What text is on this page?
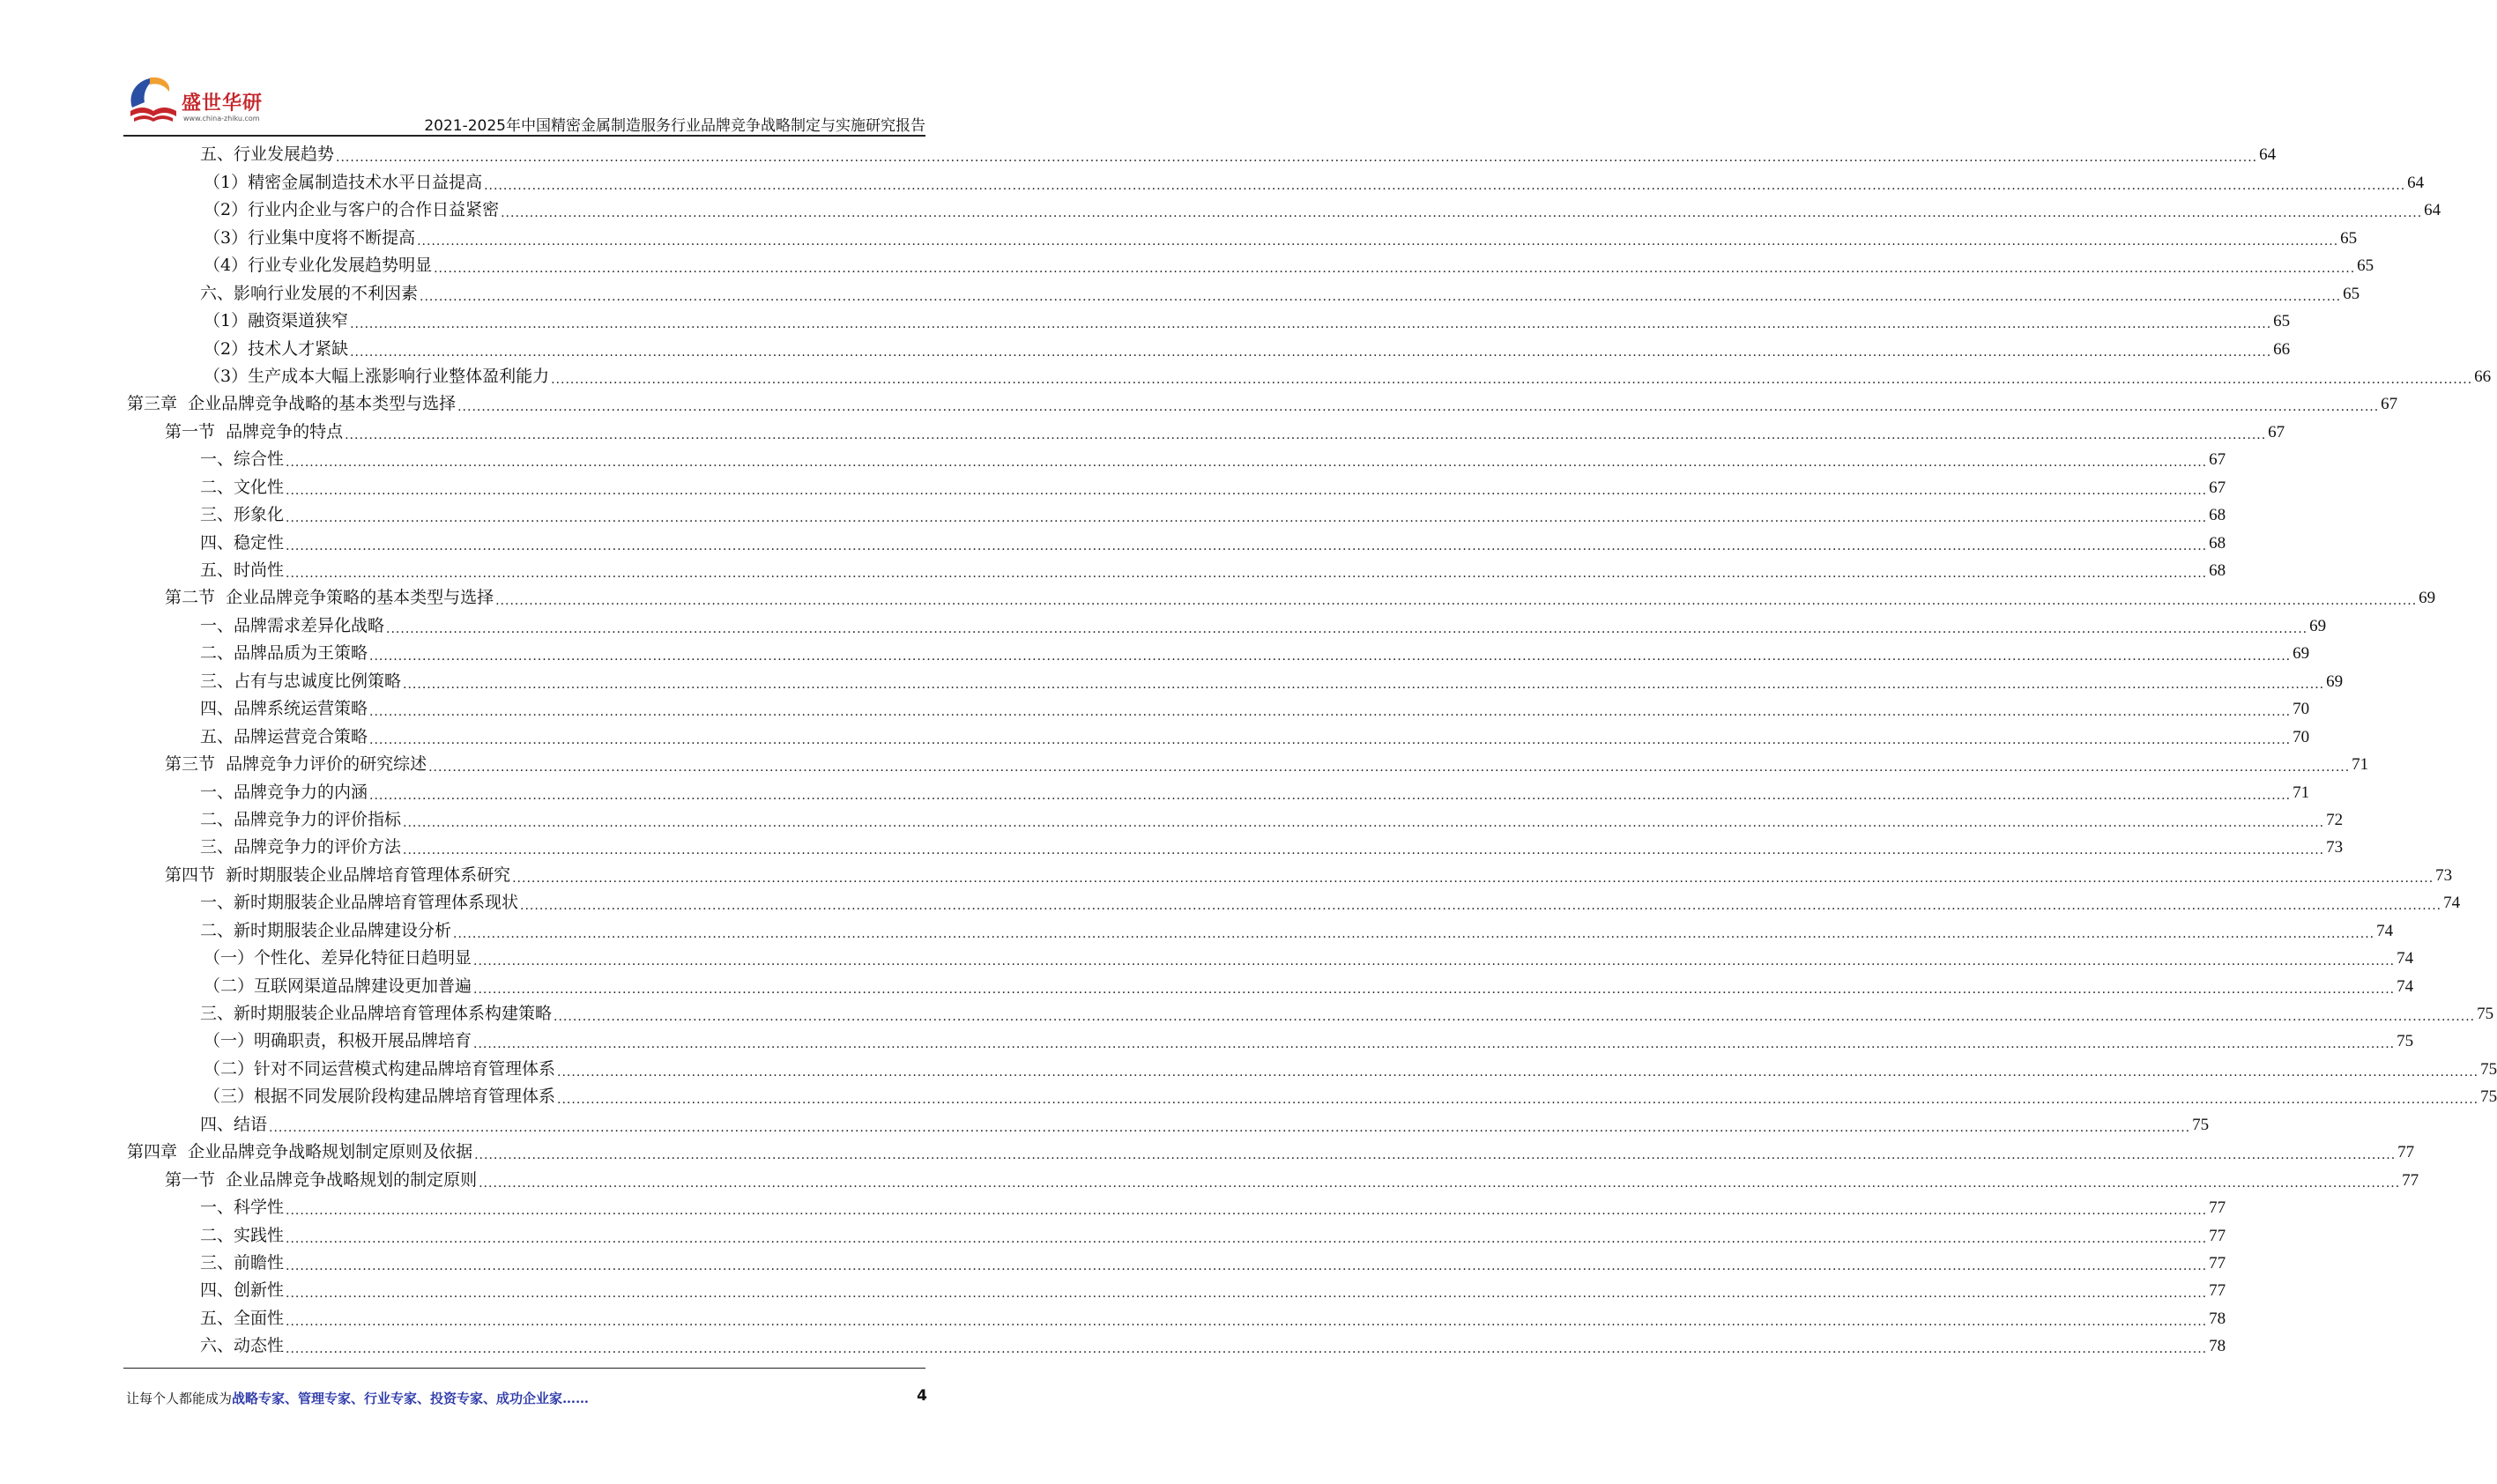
盛世华研
www.china-zhiku.com	2021-2025年中国精密金属制造服务行业品牌竞争战略制定与实施研究报告
五、行业发展趋势 ................................................................................................................................................................................................................................................................................................................................................................................................................ 64
（1）精密金属制造技术水平日益提高 ................................................................................................................................................................................................................................................................................................................................................................................................................ 64
（2）行业内企业与客户的合作日益紧密 ................................................................................................................................................................................................................................................................................................................................................................................................................ 64
（3）行业集中度将不断提高 ................................................................................................................................................................................................................................................................................................................................................................................................................ 65
（4）行业专业化发展趋势明显 ................................................................................................................................................................................................................................................................................................................................................................................................................ 65
六、影响行业发展的不利因素 ................................................................................................................................................................................................................................................................................................................................................................................................................ 65
（1）融资渠道狭窄 ................................................................................................................................................................................................................................................................................................................................................................................................................ 65
（2）技术人才紧缺 ................................................................................................................................................................................................................................................................................................................................................................................................................ 66
（3）生产成本大幅上涨影响行业整体盈利能力 ................................................................................................................................................................................................................................................................................................................................................................................................................ 66
第三章  企业品牌竞争战略的基本类型与选择 ................................................................................................................................................................................................................................................................................................................................................................................................................ 67
第一节  品牌竞争的特点 ................................................................................................................................................................................................................................................................................................................................................................................................................ 67
一、综合性 ................................................................................................................................................................................................................................................................................................................................................................................................................ 67
二、文化性 ................................................................................................................................................................................................................................................................................................................................................................................................................ 67
三、形象化 ................................................................................................................................................................................................................................................................................................................................................................................................................ 68
四、稳定性 ................................................................................................................................................................................................................................................................................................................................................................................................................ 68
五、时尚性 ................................................................................................................................................................................................................................................................................................................................................................................................................ 68
第二节  企业品牌竞争策略的基本类型与选择 ................................................................................................................................................................................................................................................................................................................................................................................................................ 69
一、品牌需求差异化战略 ................................................................................................................................................................................................................................................................................................................................................................................................................ 69
二、品牌品质为王策略 ................................................................................................................................................................................................................................................................................................................................................................................................................ 69
三、占有与忠诚度比例策略 ................................................................................................................................................................................................................................................................................................................................................................................................................ 69
四、品牌系统运营策略 ................................................................................................................................................................................................................................................................................................................................................................................................................ 70
五、品牌运营竞合策略 ................................................................................................................................................................................................................................................................................................................................................................................................................ 70
第三节  品牌竞争力评价的研究综述 ................................................................................................................................................................................................................................................................................................................................................................................................................ 71
一、品牌竞争力的内涵 ................................................................................................................................................................................................................................................................................................................................................................................................................ 71
二、品牌竞争力的评价指标 ................................................................................................................................................................................................................................................................................................................................................................................................................ 72
三、品牌竞争力的评价方法 ................................................................................................................................................................................................................................................................................................................................................................................................................ 73
第四节  新时期服装企业品牌培育管理体系研究 ................................................................................................................................................................................................................................................................................................................................................................................................................ 73
一、新时期服装企业品牌培育管理体系现状 ................................................................................................................................................................................................................................................................................................................................................................................................................ 74
二、新时期服装企业品牌建设分析 ................................................................................................................................................................................................................................................................................................................................................................................................................ 74
（一）个性化、差异化特征日趋明显 ................................................................................................................................................................................................................................................................................................................................................................................................................ 74
（二）互联网渠道品牌建设更加普遍 ................................................................................................................................................................................................................................................................................................................................................................................................................ 74
三、新时期服装企业品牌培育管理体系构建策略 ................................................................................................................................................................................................................................................................................................................................................................................................................ 75
（一）明确职责，积极开展品牌培育 ................................................................................................................................................................................................................................................................................................................................................................................................................ 75
（二）针对不同运营模式构建品牌培育管理体系 ................................................................................................................................................................................................................................................................................................................................................................................................................ 75
（三）根据不同发展阶段构建品牌培育管理体系 ................................................................................................................................................................................................................................................................................................................................................................................................................ 75
四、结语 ................................................................................................................................................................................................................................................................................................................................................................................................................ 75
第四章  企业品牌竞争战略规划制定原则及依据 ................................................................................................................................................................................................................................................................................................................................................................................................................ 77
第一节  企业品牌竞争战略规划的制定原则 ................................................................................................................................................................................................................................................................................................................................................................................................................ 77
一、科学性 ................................................................................................................................................................................................................................................................................................................................................................................................................ 77
二、实践性 ................................................................................................................................................................................................................................................................................................................................................................................................................ 77
三、前瞻性 ................................................................................................................................................................................................................................................................................................................................................................................................................ 77
四、创新性 ................................................................................................................................................................................................................................................................................................................................................................................................................ 77
五、全面性 ................................................................................................................................................................................................................................................................................................................................................................................................................ 78
六、动态性 ................................................................................................................................................................................................................................................................................................................................................................................................................ 78
让每个人都能成为战略专家、管理专家、行业专家、投资专家、成功企业家……	4
